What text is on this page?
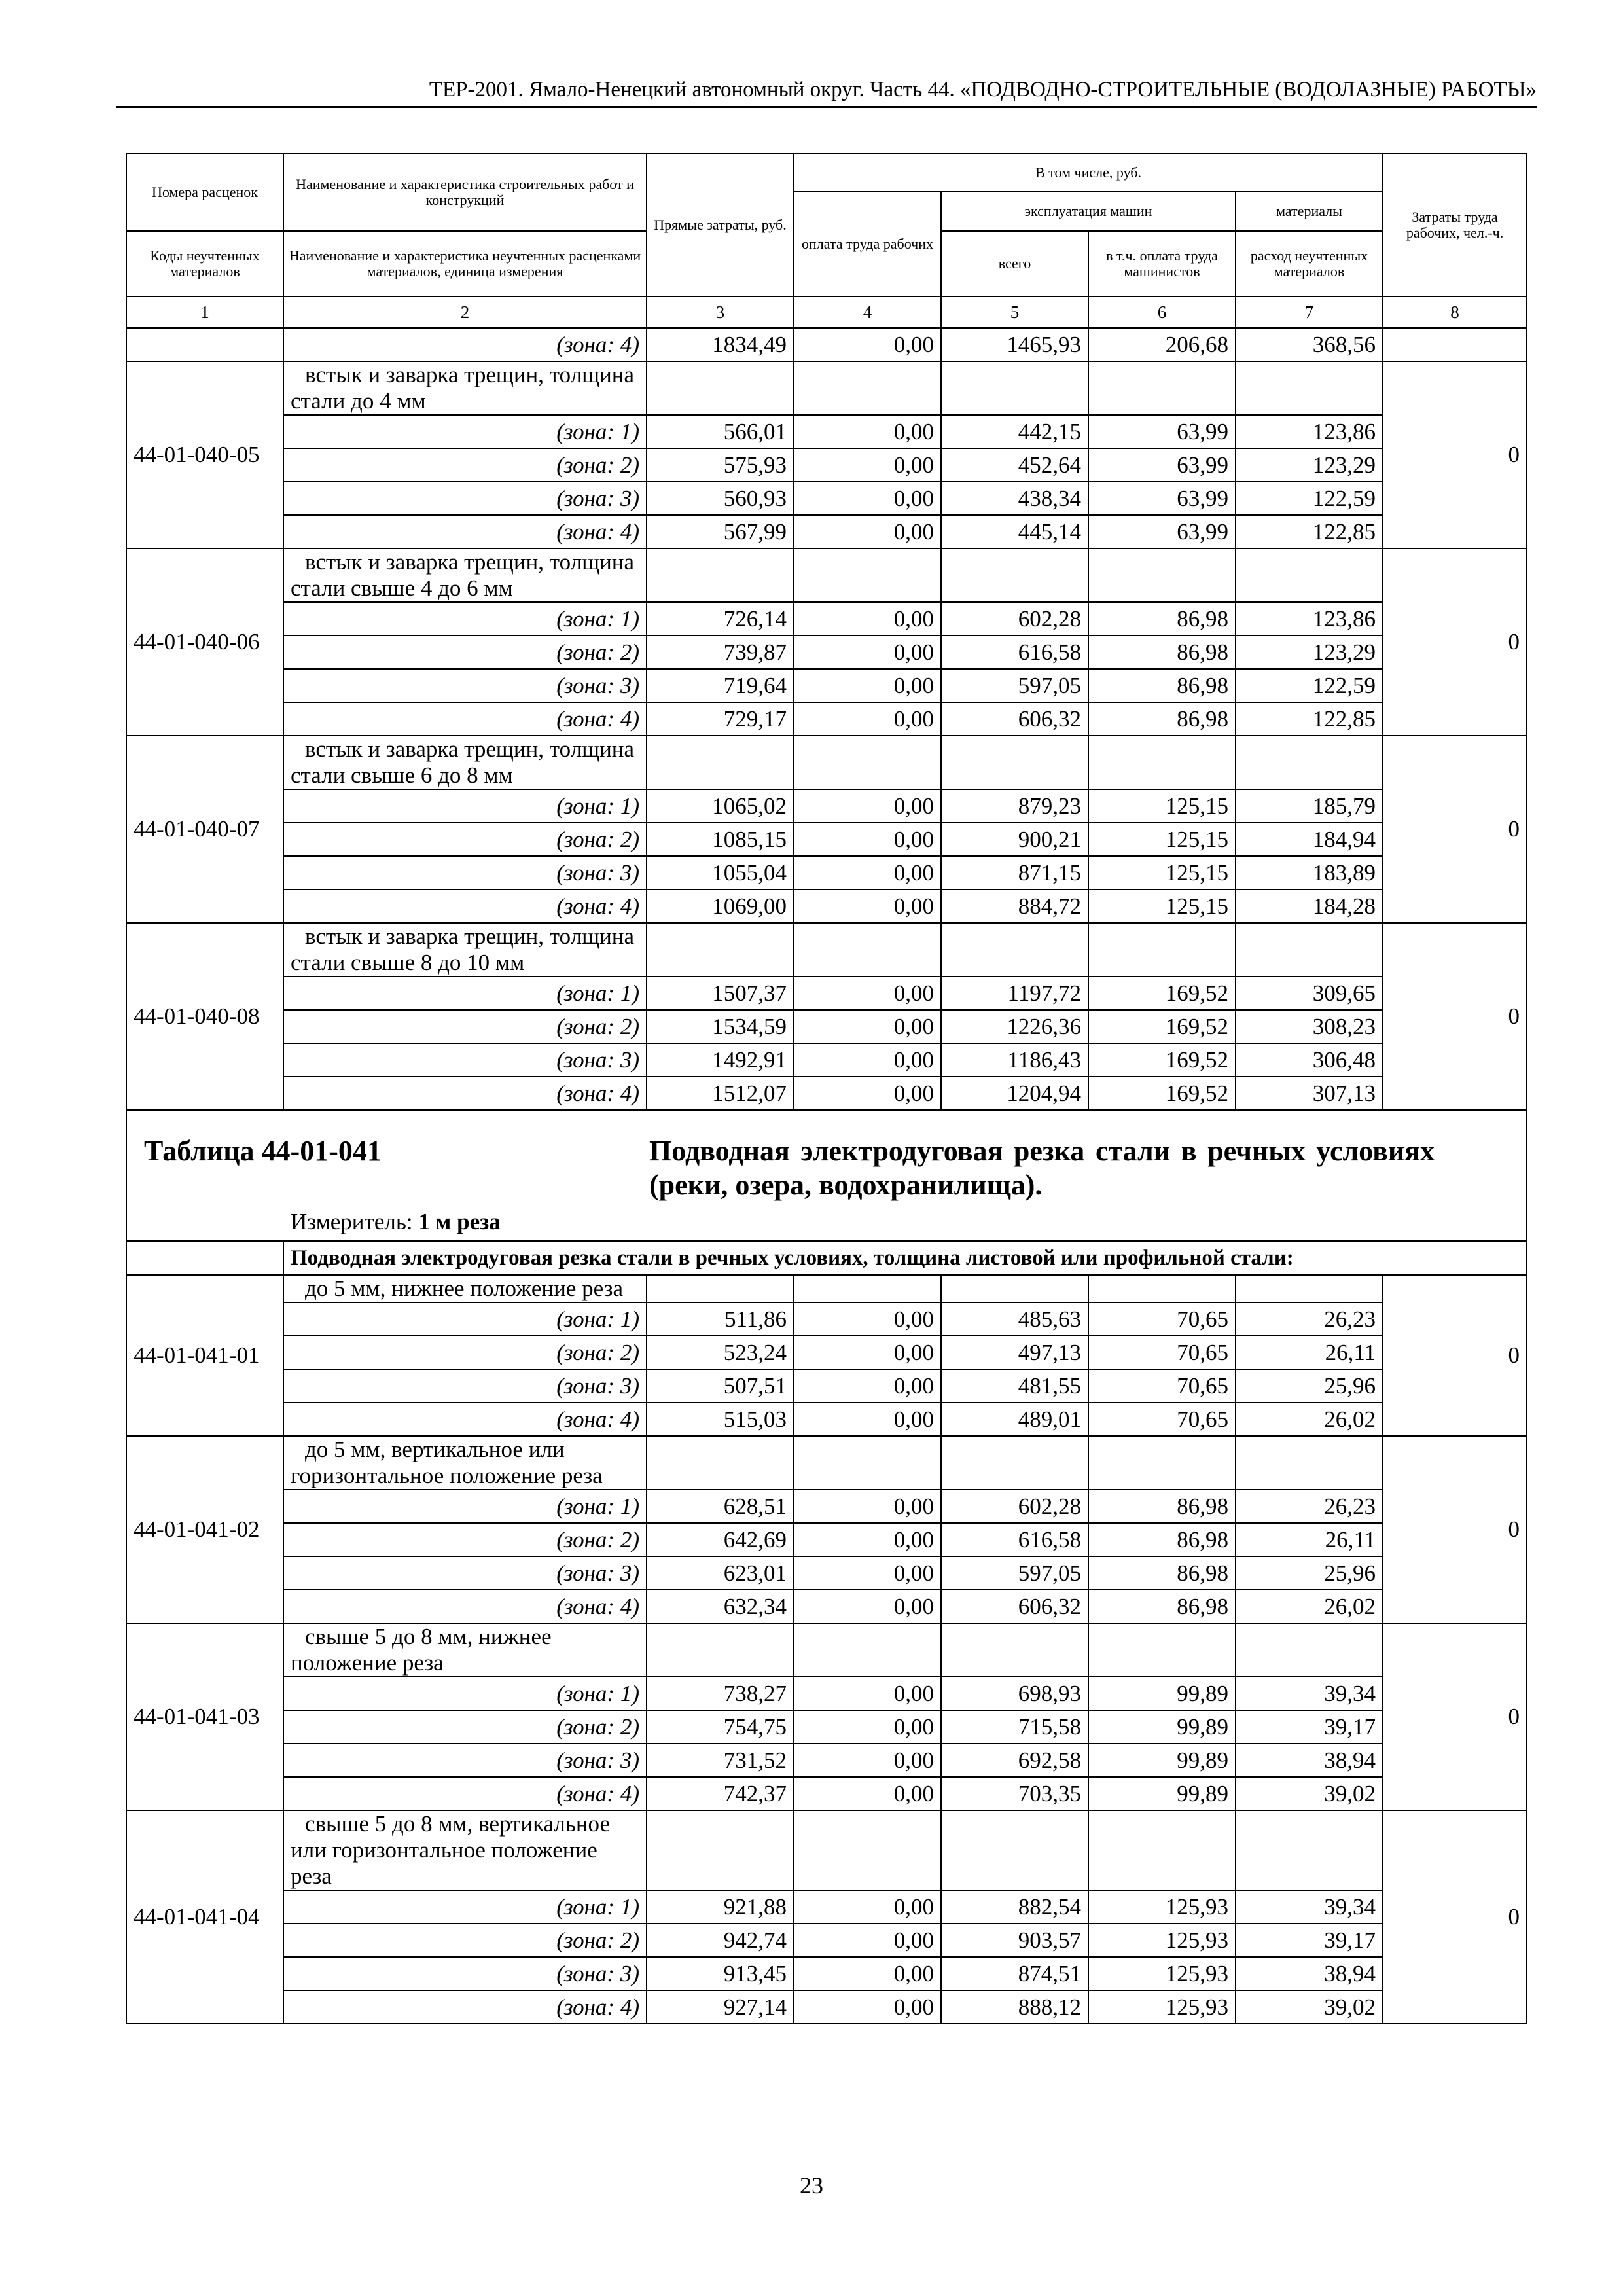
ТЕР-2001. Ямало-Ненецкий автономный округ. Часть 44. «ПОДВОДНО-СТРОИТЕЛЬНЫЕ (ВОДОЛАЗНЫЕ) РАБОТЫ»
Номера расценок	Наименование и характеристика строительных работ и конструкций	Прямые затраты, руб.	В том числе, руб.				Затраты труда рабочих, чел.-ч.
			оплата труда рабочих	эксплуатация машин		материалы	
Коды неучтенных материалов	Наименование и характеристика неучтенных расценками материалов, единица измерения			всего	в т.ч. оплата труда машинистов	расход неучтенных материалов	
1	2	3	4	5	6	7	8
	(зона: 4)	1834,49	0,00	1465,93	206,68	368,56	
44-01-040-05	встык и заварка трещин, толщина стали до 4 мм						0
	(зона: 1)	566,01	0,00	442,15	63,99	123,86	
	(зона: 2)	575,93	0,00	452,64	63,99	123,29	
	(зона: 3)	560,93	0,00	438,34	63,99	122,59	
	(зона: 4)	567,99	0,00	445,14	63,99	122,85	
44-01-040-06	встык и заварка трещин, толщина стали свыше 4 до 6 мм						0
	(зона: 1)	726,14	0,00	602,28	86,98	123,86	
	(зона: 2)	739,87	0,00	616,58	86,98	123,29	
	(зона: 3)	719,64	0,00	597,05	86,98	122,59	
	(зона: 4)	729,17	0,00	606,32	86,98	122,85	
44-01-040-07	встык и заварка трещин, толщина стали свыше 6 до 8 мм						0
	(зона: 1)	1065,02	0,00	879,23	125,15	185,79	
	(зона: 2)	1085,15	0,00	900,21	125,15	184,94	
	(зона: 3)	1055,04	0,00	871,15	125,15	183,89	
	(зона: 4)	1069,00	0,00	884,72	125,15	184,28	
44-01-040-08	встык и заварка трещин, толщина стали свыше 8 до 10 мм						0
	(зона: 1)	1507,37	0,00	1197,72	169,52	309,65	
	(зона: 2)	1534,59	0,00	1226,36	169,52	308,23	
	(зона: 3)	1492,91	0,00	1186,43	169,52	306,48	
	(зона: 4)	1512,07	0,00	1204,94	169,52	307,13	

Таблица 44-01-041 Подводная электродуговая резка стали в речных условиях (реки, озера, водохранилища).
Измеритель: 1 м реза							

	Подводная электродуговая резка стали в речных условиях, толщина листовой или профильной стали:						
44-01-041-01	до 5 мм, нижнее положение реза						0
	(зона: 1)	511,86	0,00	485,63	70,65	26,23	
	(зона: 2)	523,24	0,00	497,13	70,65	26,11	
	(зона: 3)	507,51	0,00	481,55	70,65	25,96	
	(зона: 4)	515,03	0,00	489,01	70,65	26,02	
44-01-041-02	до 5 мм, вертикальное или горизонтальное положение реза						0
	(зона: 1)	628,51	0,00	602,28	86,98	26,23	
	(зона: 2)	642,69	0,00	616,58	86,98	26,11	
	(зона: 3)	623,01	0,00	597,05	86,98	25,96	
	(зона: 4)	632,34	0,00	606,32	86,98	26,02	
44-01-041-03	свыше 5 до 8 мм, нижнее положение реза						0
	(зона: 1)	738,27	0,00	698,93	99,89	39,34	
	(зона: 2)	754,75	0,00	715,58	99,89	39,17	
	(зона: 3)	731,52	0,00	692,58	99,89	38,94	
	(зона: 4)	742,37	0,00	703,35	99,89	39,02	
44-01-041-04	свыше 5 до 8 мм, вертикальное или горизонтальное положение реза						0
	(зона: 1)	921,88	0,00	882,54	125,93	39,34	
	(зона: 2)	942,74	0,00	903,57	125,93	39,17	
	(зона: 3)	913,45	0,00	874,51	125,93	38,94	
	(зона: 4)	927,14	0,00	888,12	125,93	39,02	
23
